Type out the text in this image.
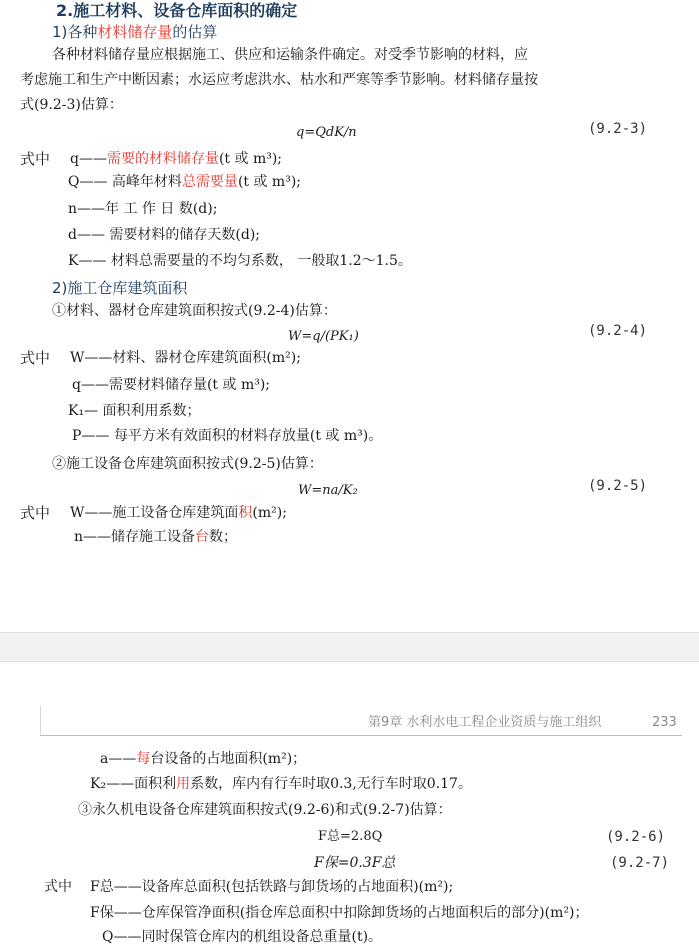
2.施工材料、设备仓库面积的确定
1)各种材料储存量的估算
各种材料储存量应根据施工、供应和运输条件确定。对受季节影响的材料，应
考虑施工和生产中断因素；水运应考虑洪水、枯水和严寒等季节影响。材料储存量按
式(9.2-3)估算：
q=QdK/n	(9.2-3)
式中 q——需要的材料储存量(t 或 m³);
Q—— 高峰年材料总需要量(t 或 m³);
n——年 工 作 日 数(d);
d—— 需要材料的储存天数(d);
K—— 材料总需要量的不均匀系数， 一般取1.2～1.5。
2)施工仓库建筑面积
①材料、器材仓库建筑面积按式(9.2-4)估算：
W=q/(PK₁)	(9.2-4)
式中 W——材料、器材仓库建筑面积(m²);
q——需要材料储存量(t 或 m³);
K₁— 面积利用系数；
P—— 每平方米有效面积的材料存放量(t 或 m³)。
②施工设备仓库建筑面积按式(9.2-5)估算：
W=na/K₂	(9.2-5)
式中 W——施工设备仓库建筑面积(m²);
n——储存施工设备台数；
第9章 水利水电工程企业资质与施工组织	233
a——每台设备的占地面积(m²)；
K₂——面积利用系数，库内有行车时取0.3,无行车时取0.17。
③永久机电设备仓库建筑面积按式(9.2-6)和式(9.2-7)估算：
F总=2.8Q	(9.2-6)
F保=0.3F总	(9.2-7)
式中 F总——设备库总面积(包括铁路与卸货场的占地面积)(m²);
F保——仓库保管净面积(指仓库总面积中扣除卸货场的占地面积后的部分)(m²)；
Q——同时保管仓库内的机组设备总重量(t)。
